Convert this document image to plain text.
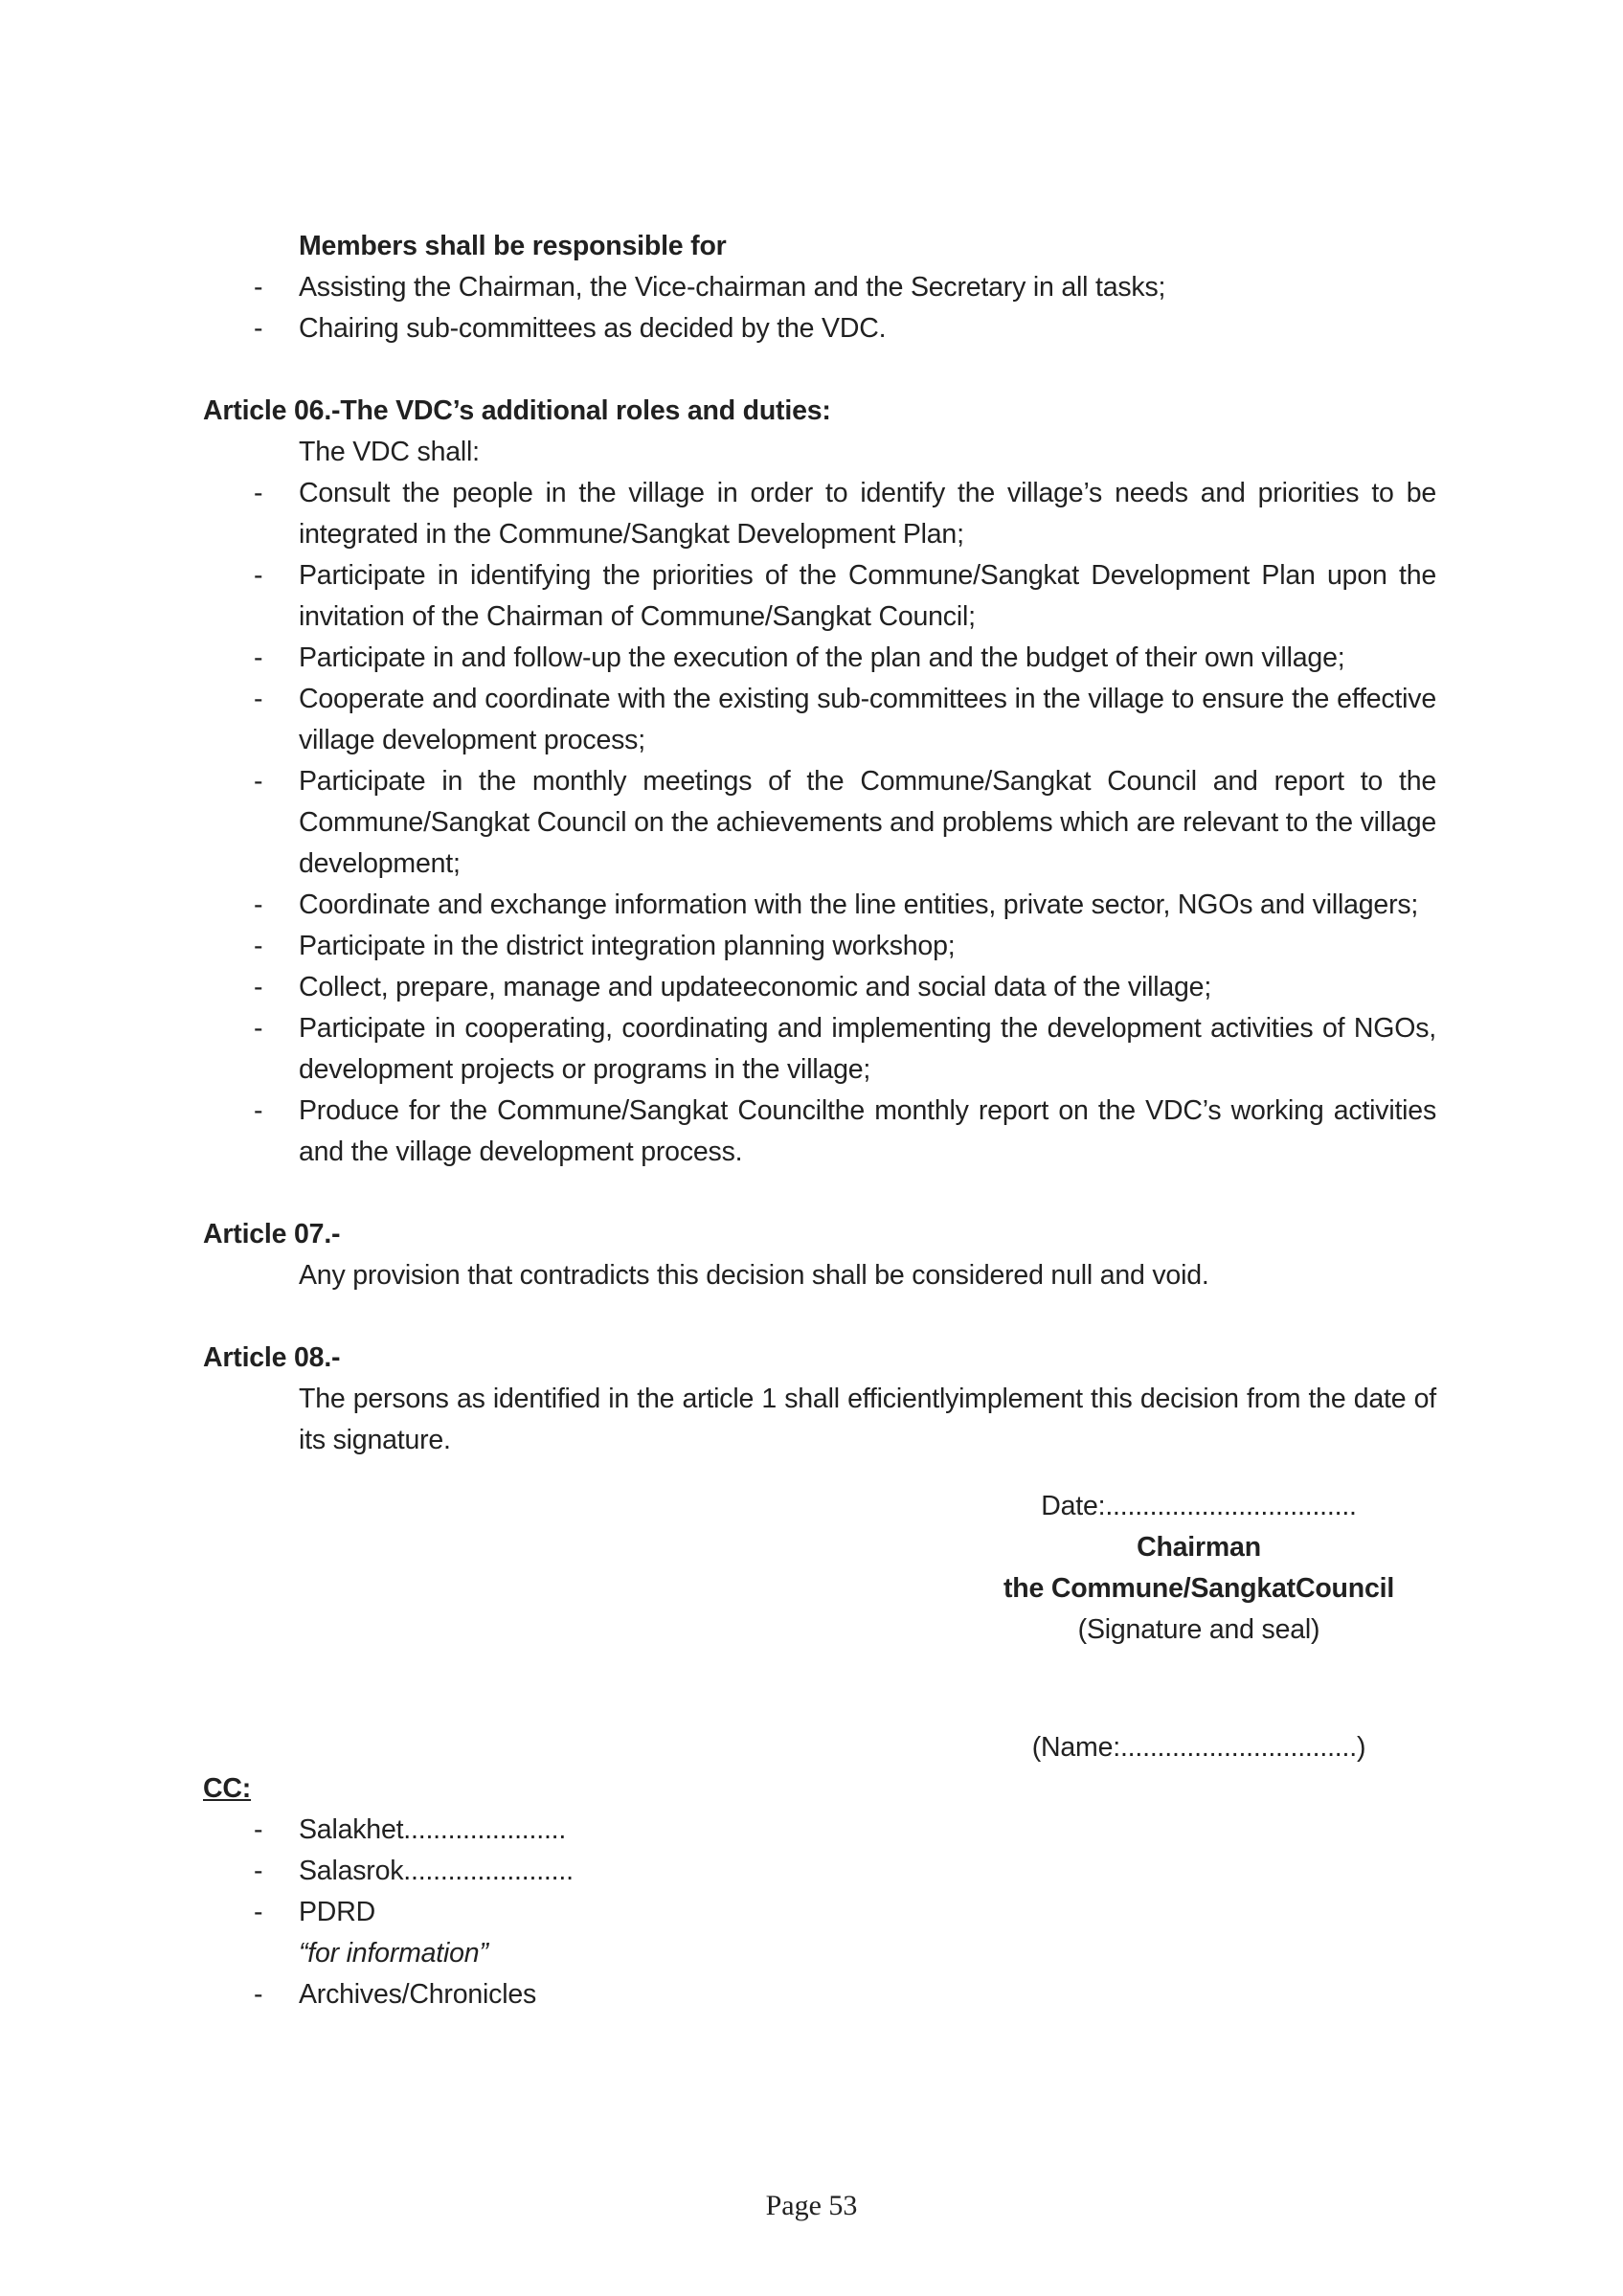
Members shall be responsible for
-	Assisting the Chairman, the Vice-chairman and the Secretary in all tasks;
-	Chairing sub-committees as decided by the VDC.
Article 06.-The VDC’s additional roles and duties:
The VDC shall:
-	Consult the people in the village in order to identify the village’s needs and priorities to be integrated in the Commune/Sangkat Development Plan;
-	Participate in identifying the priorities of the Commune/Sangkat Development Plan upon the invitation of the Chairman of Commune/Sangkat Council;
-	Participate in and follow-up the execution of the plan and the budget of their own village;
-	Cooperate and coordinate with the existing sub-committees in the village to ensure the effective village development process;
-	Participate in the monthly meetings of the Commune/Sangkat Council and report to the Commune/Sangkat Council on the achievements and problems which are relevant to the village development;
-	Coordinate and exchange information with the line entities, private sector, NGOs and villagers;
-	Participate in the district integration planning workshop;
-	Collect, prepare, manage and updateeconomic and social data of the village;
-	Participate in cooperating, coordinating and implementing the development activities of NGOs, development projects or programs in the village;
-	Produce for the Commune/Sangkat Councilthe monthly report on the VDC’s working activities and the village development process.
Article 07.-
Any provision that contradicts this decision shall be considered null and void.
Article 08.-
The persons as identified in the article 1 shall efficientlyimplement this decision from the date of its signature.
Date:..................................
Chairman
the Commune/SangkatCouncil
(Signature and seal)
(Name:................................)
CC:
-	Salakhet......................
-	Salasrok.......................
-	PDRD
“for information”
-	Archives/Chronicles
Page 53
